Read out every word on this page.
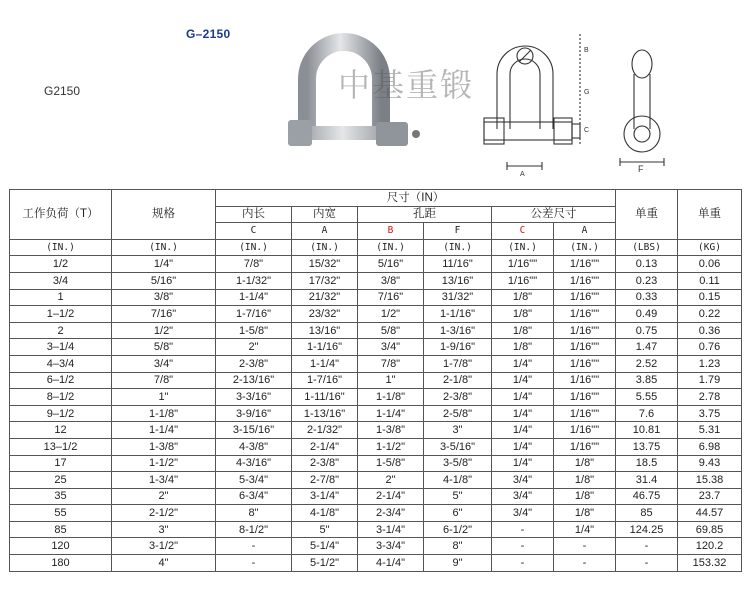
G–2150
G2150	中基重锻
A
B
G
C
F
工作负荷（T）	规格	尺寸（IN）						单重	单重
		内长	内宽	孔距		公差尺寸			
		C	A	B	F	C	A		
(IN.)	(IN.)	(IN.)	(IN.)	(IN.)	(IN.)	(IN.)	(IN.)	(LBS)	(KG)
1/2	1/4"	7/8"	15/32"	5/16"	11/16"	1/16""	1/16""	0.13	0.06
3/4	5/16"	1-1/32"	17/32"	3/8"	13/16"	1/16""	1/16""	0.23	0.11
1	3/8"	1-1/4"	21/32"	7/16"	31/32"	1/8"	1/16""	0.33	0.15
1–1/2	7/16"	1-7/16"	23/32"	1/2"	1-1/16"	1/8"	1/16""	0.49	0.22
2	1/2"	1-5/8"	13/16"	5/8"	1-3/16"	1/8"	1/16""	0.75	0.36
3–1/4	5/8"	2"	1-1/16"	3/4"	1-9/16"	1/8"	1/16""	1.47	0.76
4–3/4	3/4"	2-3/8"	1-1/4"	7/8"	1-7/8"	1/4"	1/16""	2.52	1.23
6–1/2	7/8"	2-13/16"	1-7/16"	1"	2-1/8"	1/4"	1/16""	3.85	1.79
8–1/2	1"	3-3/16"	1-11/16"	1-1/8"	2-3/8"	1/4"	1/16""	5.55	2.78
9–1/2	1-1/8"	3-9/16"	1-13/16"	1-1/4"	2-5/8"	1/4"	1/16""	7.6	3.75
12	1-1/4"	3-15/16"	2-1/32"	1-3/8"	3"	1/4"	1/16""	10.81	5.31
13–1/2	1-3/8"	4-3/8"	2-1/4"	1-1/2"	3-5/16"	1/4"	1/16""	13.75	6.98
17	1-1/2"	4-3/16"	2-3/8"	1-5/8"	3-5/8"	1/4"	1/8"	18.5	9.43
25	1-3/4"	5-3/4"	2-7/8"	2"	4-1/8"	3/4"	1/8"	31.4	15.38
35	2"	6-3/4"	3-1/4"	2-1/4"	5"	3/4"	1/8"	46.75	23.7
55	2-1/2"	8"	4-1/8"	2-3/4"	6"	3/4"	1/8"	85	44.57
85	3"	8-1/2"	5"	3-1/4"	6-1/2"	-	1/4"	124.25	69.85
120	3-1/2"	-	5-1/4"	3-3/4"	8"	-	-	-	120.2
180	4"	-	5-1/2"	4-1/4"	9"	-	-	-	153.32
